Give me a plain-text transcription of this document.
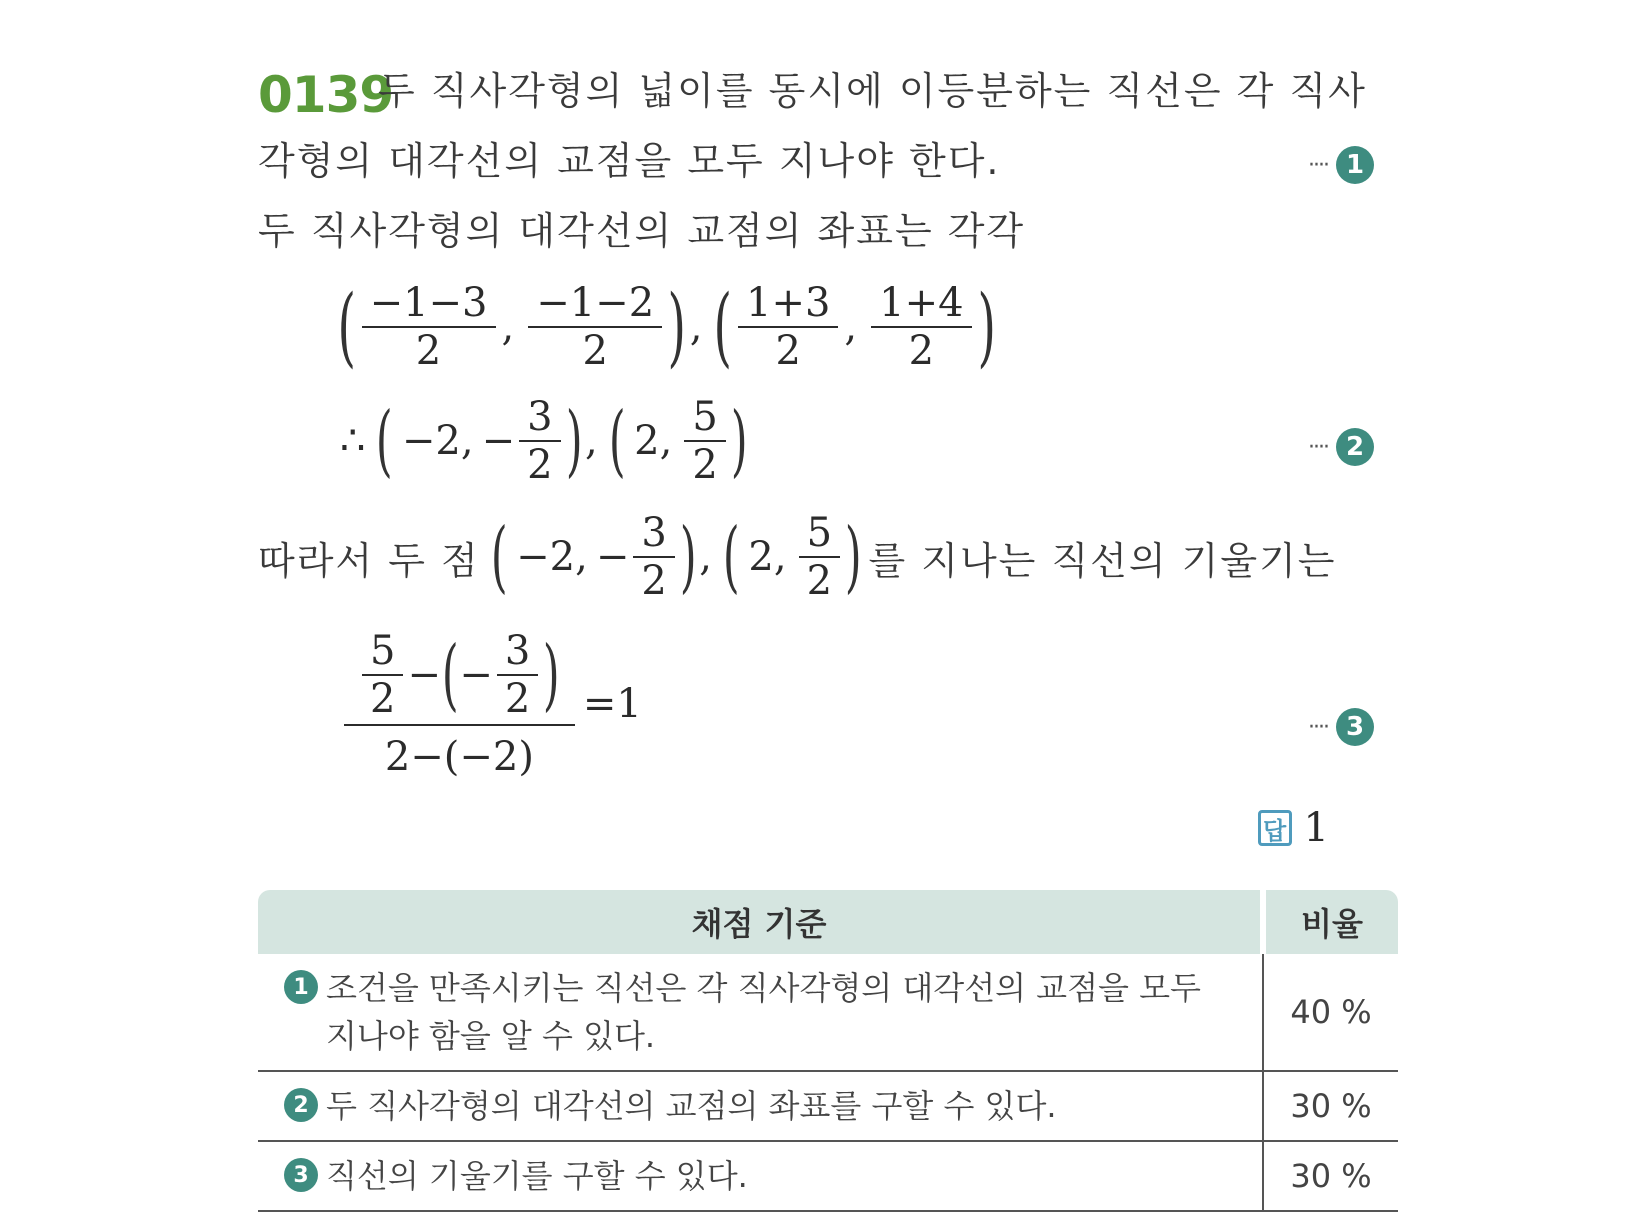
0139
두 직사각형의 넓이를 동시에 이등분하는 직선은 각 직사
각형의 대각선의 교점을 모두 지나야 한다.
두 직사각형의 대각선의 교점의 좌표는 각각
···· 1
···· 2
···· 3
( $\frac{-1-3}{2}$ , $\frac{-1-2}{2}$ ) , ( $\frac{1+3}{2}$ , $\frac{1+4}{2}$ )
∴ ( −2, − $\frac{3}{2}$ ) , ( 2, $\frac{5}{2}$ )
따라서 두 점 ( −2, − $\frac{3}{2}$ ) , ( 2, $\frac{5}{2}$ ) 를 지나는 직선의 기울기는
$\frac{\frac{5}{2} - ( - \frac{3}{2} )}{2-(-2)} =1$
답 1
채점 기준	비율

1 조건을 만족시키는 직선은 각 직사각형의 대각선의 교점을 모두
지나야 함을 알 수 있다.	40 %

2 두 직사각형의 대각선의 교점의 좌표를 구할 수 있다.	30 %

3 직선의 기울기를 구할 수 있다.	30 %
